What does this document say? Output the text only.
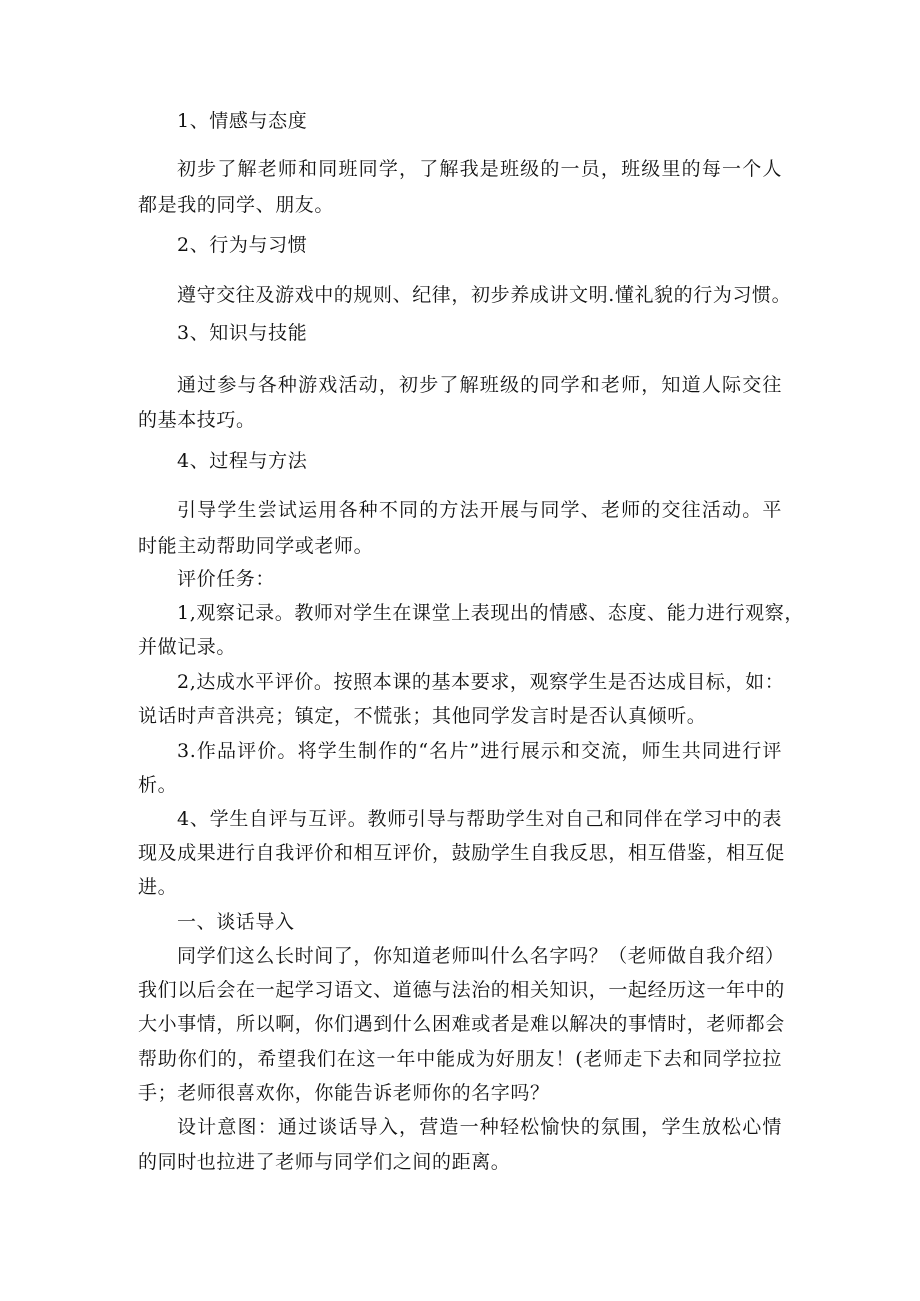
1、情感与态度
初步了解老师和同班同学，了解我是班级的一员，班级里的每一个人
都是我的同学、朋友。
2、行为与习惯
遵守交往及游戏中的规则、纪律，初步养成讲文明.懂礼貌的行为习惯。
3、知识与技能
通过参与各种游戏活动，初步了解班级的同学和老师，知道人际交往
的基本技巧。
4、过程与方法
引导学生尝试运用各种不同的方法开展与同学、老师的交往活动。平
时能主动帮助同学或老师。
评价任务：
1,观察记录。教师对学生在课堂上表现出的情感、态度、能力进行观察，
并做记录。
2,达成水平评价。按照本课的基本要求，观察学生是否达成目标，如：
说话时声音洪亮；镇定，不慌张；其他同学发言时是否认真倾听。
3.作品评价。将学生制作的“名片”进行展示和交流，师生共同进行评
析。
4、学生自评与互评。教师引导与帮助学生对自己和同伴在学习中的表
现及成果进行自我评价和相互评价，鼓励学生自我反思，相互借鉴，相互促
进。
一、谈话导入
同学们这么长时间了，你知道老师叫什么名字吗？（老师做自我介绍）
我们以后会在一起学习语文、道德与法治的相关知识，一起经历这一年中的
大小事情，所以啊，你们遇到什么困难或者是难以解决的事情时，老师都会
帮助你们的，希望我们在这一年中能成为好朋友！(老师走下去和同学拉拉
手；老师很喜欢你，你能告诉老师你的名字吗？
设计意图：通过谈话导入，营造一种轻松愉快的氛围，学生放松心情
的同时也拉进了老师与同学们之间的距离。
